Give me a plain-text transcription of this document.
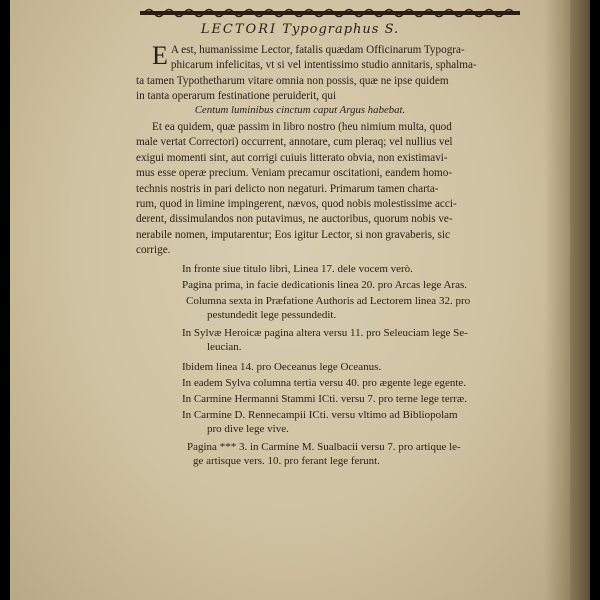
LECTORI Typographus S.
E A est, humanissime Lector, fatalis quædam Officinarum Typogra-
phicarum infelicitas, vt si vel intentissimo studio annitaris, sphalma-
ta tamen Typothetharum vitare omnia non possis, quæ ne ipse quidem
in tanta operarum festinatione peruiderit, qui
Centum luminibus cinctum caput Argus habebat.
Et ea quidem, quæ passim in libro nostro (heu nimium multa, quod
male vertat Correctori) occurrent, annotare, cum pleraq; vel nullius vel
exigui momenti sint, aut corrigi cuiuis litterato obvia, non existimavi-
mus esse operæ precium. Veniam precamur oscitationi, eandem homo-
technis nostris in pari delicto non negaturi. Primarum tamen charta-
rum, quod in limine impingerent, nævos, quod nobis molestissime acci-
derent, dissimulandos non putavimus, ne auctoribus, quorum nobis ve-
nerabile nomen, imputarentur; Eos igitur Lector, si non gravaberis, sic
corrige.
In fronte siue titulo libri, Linea 17. dele vocem verò.
Pagina prima, in facie dedicationis linea 20. pro Arcas lege Aras.
Columna sexta in Præfatione Authoris ad Lectorem linea 32. pro
pestundedit lege pessundedit.
In Sylvæ Heroicæ pagina altera versu 11. pro Seleuciam lege Se-
leucian.
Ibidem linea 14. pro Oeceanus lege Oceanus.
In eadem Sylva columna tertia versu 40. pro ægente lege egente.
In Carmine Hermanni Stammi ICti. versu 7. pro terne lege terræ.
In Carmine D. Rennecampii ICti. versu vltimo ad Bibliopolam
pro dive lege vive.
Pagina *** 3. in Carmine M. Sualbacii versu 7. pro artique le-
ge artisque vers. 10. pro ferant lege ferunt.
